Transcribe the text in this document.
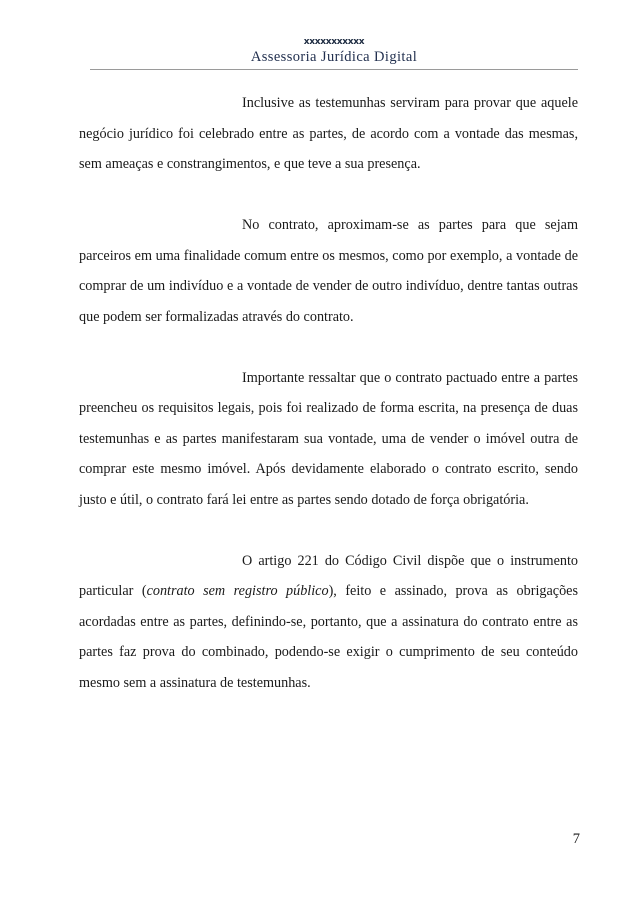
xxxxxxxxxxx
Assessoria Jurídica Digital

Inclusive as testemunhas serviram para provar que aquele negócio jurídico foi celebrado entre as partes, de acordo com a vontade das mesmas, sem ameaças e constrangimentos, e que teve a sua presença.

No contrato, aproximam-se as partes para que sejam parceiros em uma finalidade comum entre os mesmos, como por exemplo, a vontade de comprar de um indivíduo e a vontade de vender de outro indivíduo, dentre tantas outras que podem ser formalizadas através do contrato.

Importante ressaltar que o contrato pactuado entre a partes preencheu os requisitos legais, pois foi realizado de forma escrita, na presença de duas testemunhas e as partes manifestaram sua vontade, uma de vender o imóvel outra de comprar este mesmo imóvel. Após devidamente elaborado o contrato escrito, sendo justo e útil, o contrato fará lei entre as partes sendo dotado de força obrigatória.

O artigo 221 do Código Civil dispõe que o instrumento particular (contrato sem registro público), feito e assinado, prova as obrigações acordadas entre as partes, definindo-se, portanto, que a assinatura do contrato entre as partes faz prova do combinado, podendo-se exigir o cumprimento de seu conteúdo mesmo sem a assinatura de testemunhas.

7
